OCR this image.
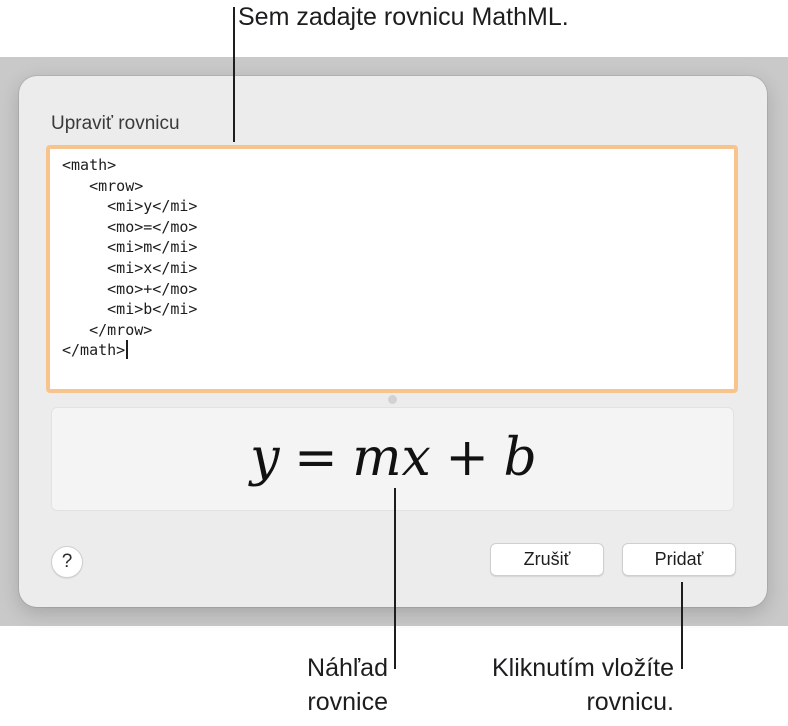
Upraviť rovnicu
<math>
<mrow>
<mi>y</mi>
<mo>=</mo>
<mi>m</mi>
<mi>x</mi>
<mo>+</mo>
<mi>b</mi>
</mrow>
</math>
y = mx + b
?	Zrušiť	Pridať
Sem zadajte rovnicu MathML.
Náhľad rovnice
Kliknutím vložíte rovnicu.
